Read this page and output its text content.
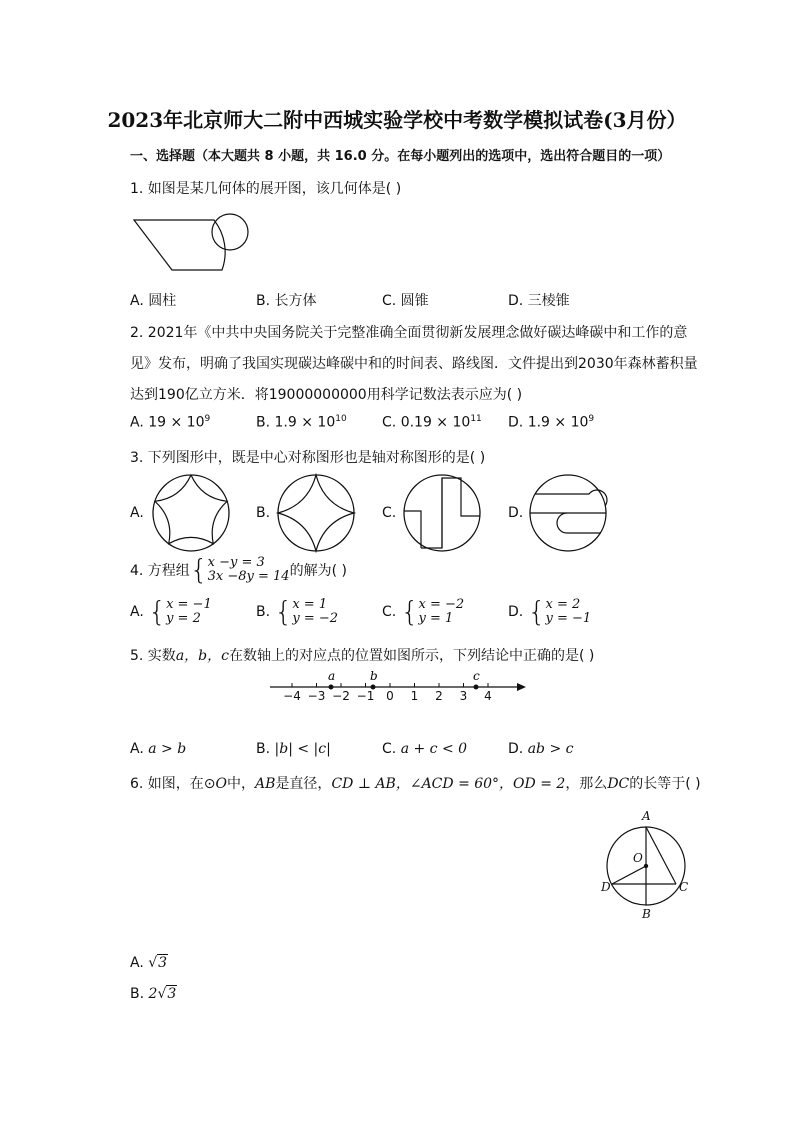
2023年北京师大二附中西城实验学校中考数学模拟试卷(3月份）
一、选择题（本大题共 8 小题，共 16.0 分。在每小题列出的选项中，选出符合题目的一项）
1. 如图是某几何体的展开图，该几何体是( )
A. 圆柱	B. 长方体	C. 圆锥	D. 三棱锥
2. 2021年《中共中央国务院关于完整准确全面贯彻新发展理念做好碳达峰碳中和工作的意
见》发布，明确了我国实现碳达峰碳中和的时间表、路线图．文件提出到2030年森林蓄积量
达到190亿立方米．将19000000000用科学记数法表示应为( )
A. $19 \times 10^9$	B. $1.9 \times 10^{10}$	C. $0.19 \times 10^{11}$ D. $1.9 \times 10^9$
3. 下列图形中，既是中心对称图形也是轴对称图形的是( )
A.	B.	C.	D.
4. 方程组{x −y = 3
3x −8y = 14的解为( )
A. {x = −1
y = 2	B. {x = 1
y = −2	C. {x = −2
y = 1	D. {x = 2
y = −1
5. 实数a，b，c在数轴上的对应点的位置如图所示，下列结论中正确的是( )
−4 −3 −2 −1 0 1 2 3 4
a	b	c
A. a > b	B. |b| < |c|	C. a + c < 0	D. ab > c
6. 如图，在⊙O中，AB是直径，CD ⊥ AB，∠ACD = 60°，OD = 2，那么DC的长等于( )
A
O
D	C
B
A. √3
B. 2√3
